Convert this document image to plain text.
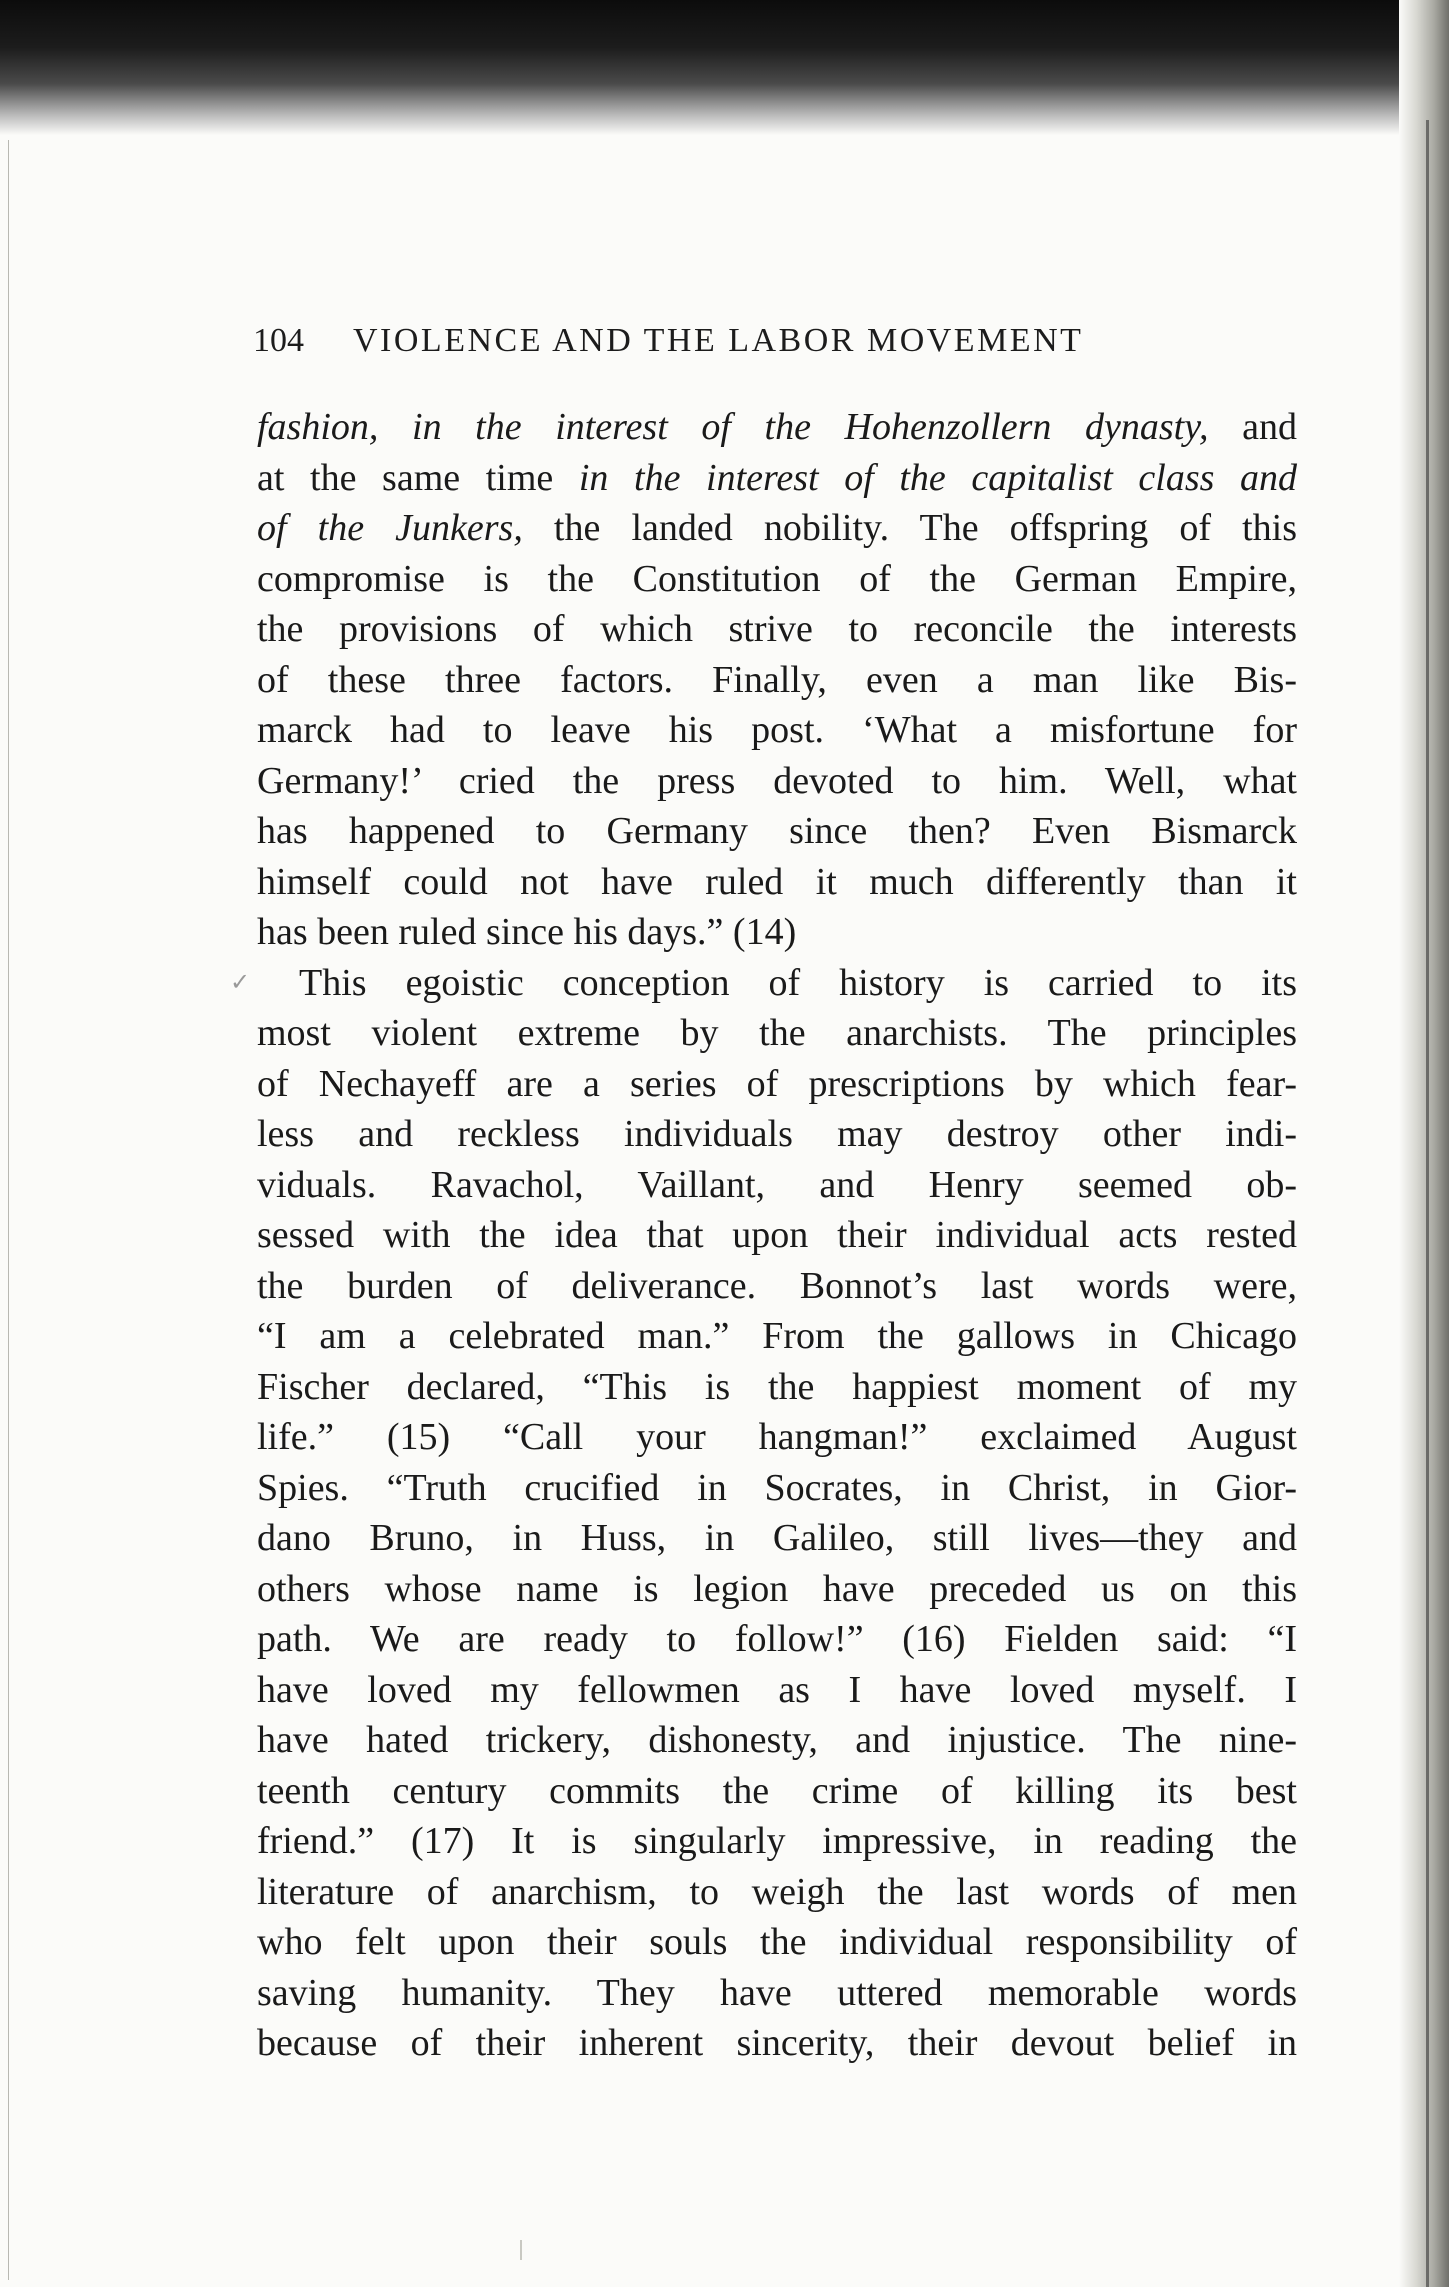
104 VIOLENCE AND THE LABOR MOVEMENT
✓
fashion, in the interest of the Hohenzollern dynasty, and
at the same time in the interest of the capitalist class and
of the Junkers, the landed nobility. The offspring of this
compromise is the Constitution of the German Empire,
the provisions of which strive to reconcile the interests
of these three factors. Finally, even a man like Bis-
marck had to leave his post. ‘What a misfortune for
Germany!’ cried the press devoted to him. Well, what
has happened to Germany since then? Even Bismarck
himself could not have ruled it much differently than it
has been ruled since his days.” (14)
This egoistic conception of history is carried to its
most violent extreme by the anarchists. The principles
of Nechayeff are a series of prescriptions by which fear-
less and reckless individuals may destroy other indi-
viduals. Ravachol, Vaillant, and Henry seemed ob-
sessed with the idea that upon their individual acts rested
the burden of deliverance. Bonnot’s last words were,
“I am a celebrated man.” From the gallows in Chicago
Fischer declared, “This is the happiest moment of my
life.” (15) “Call your hangman!” exclaimed August
Spies. “Truth crucified in Socrates, in Christ, in Gior-
dano Bruno, in Huss, in Galileo, still lives—they and
others whose name is legion have preceded us on this
path. We are ready to follow!” (16) Fielden said: “I
have loved my fellowmen as I have loved myself. I
have hated trickery, dishonesty, and injustice. The nine-
teenth century commits the crime of killing its best
friend.” (17) It is singularly impressive, in reading the
literature of anarchism, to weigh the last words of men
who felt upon their souls the individual responsibility of
saving humanity. They have uttered memorable words
because of their inherent sincerity, their devout belief in
